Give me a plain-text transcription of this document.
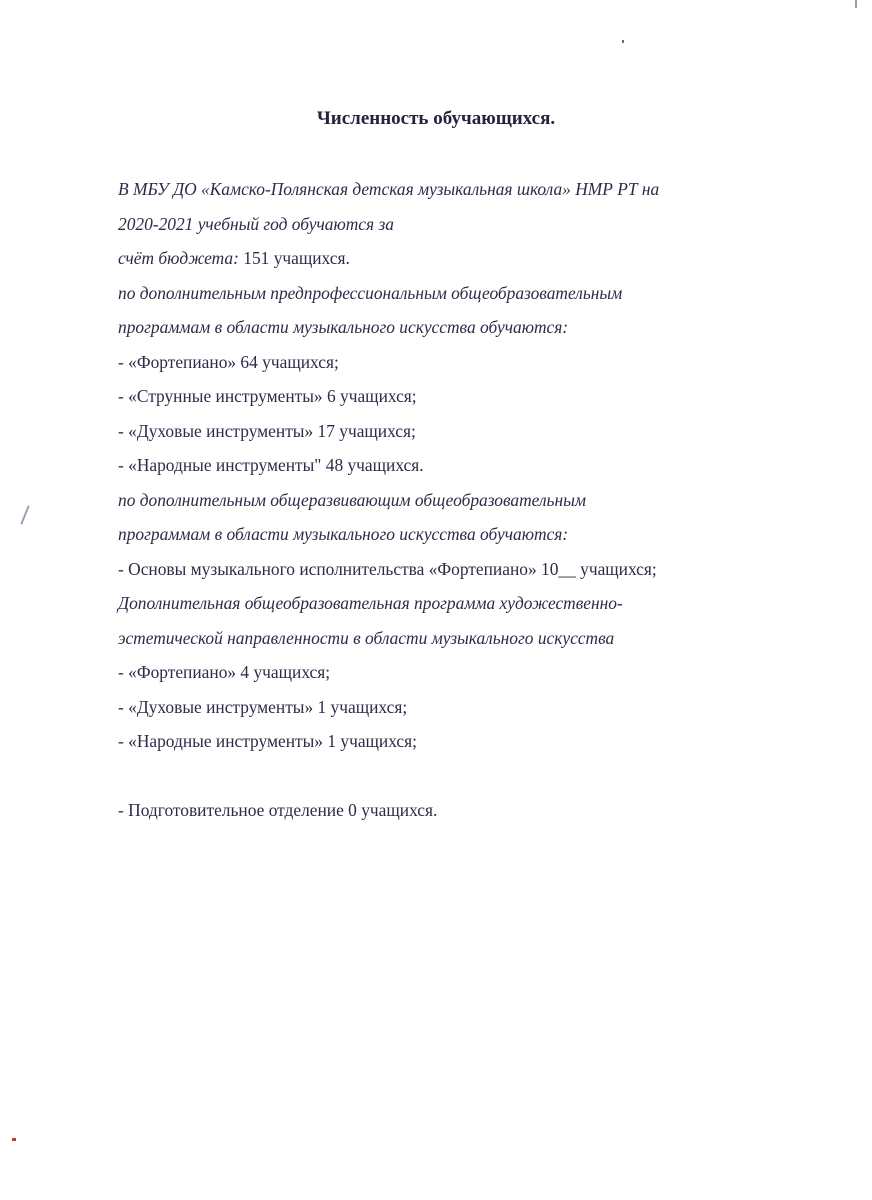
Численность обучающихся.
В МБУ ДО «Камско-Полянская детская музыкальная школа» НМР РТ на
2020-2021 учебный год обучаются за
счёт бюджета: 151 учащихся.
по дополнительным предпрофессиональным общеобразовательным
программам в области музыкального искусства обучаются:
- «Фортепиано» 64 учащихся;
- «Струнные инструменты» 6 учащихся;
- «Духовые инструменты» 17 учащихся;
- «Народные инструменты" 48 учащихся.
по дополнительным общеразвивающим общеобразовательным
программам в области музыкального искусства обучаются:
- Основы музыкального исполнительства «Фортепиано» 10__ учащихся;
Дополнительная общеобразовательная программа художественно-
эстетической направленности в области музыкального искусства
- «Фортепиано» 4 учащихся;
- «Духовые инструменты» 1 учащихся;
- «Народные инструменты» 1 учащихся;
- Подготовительное отделение 0 учащихся.
